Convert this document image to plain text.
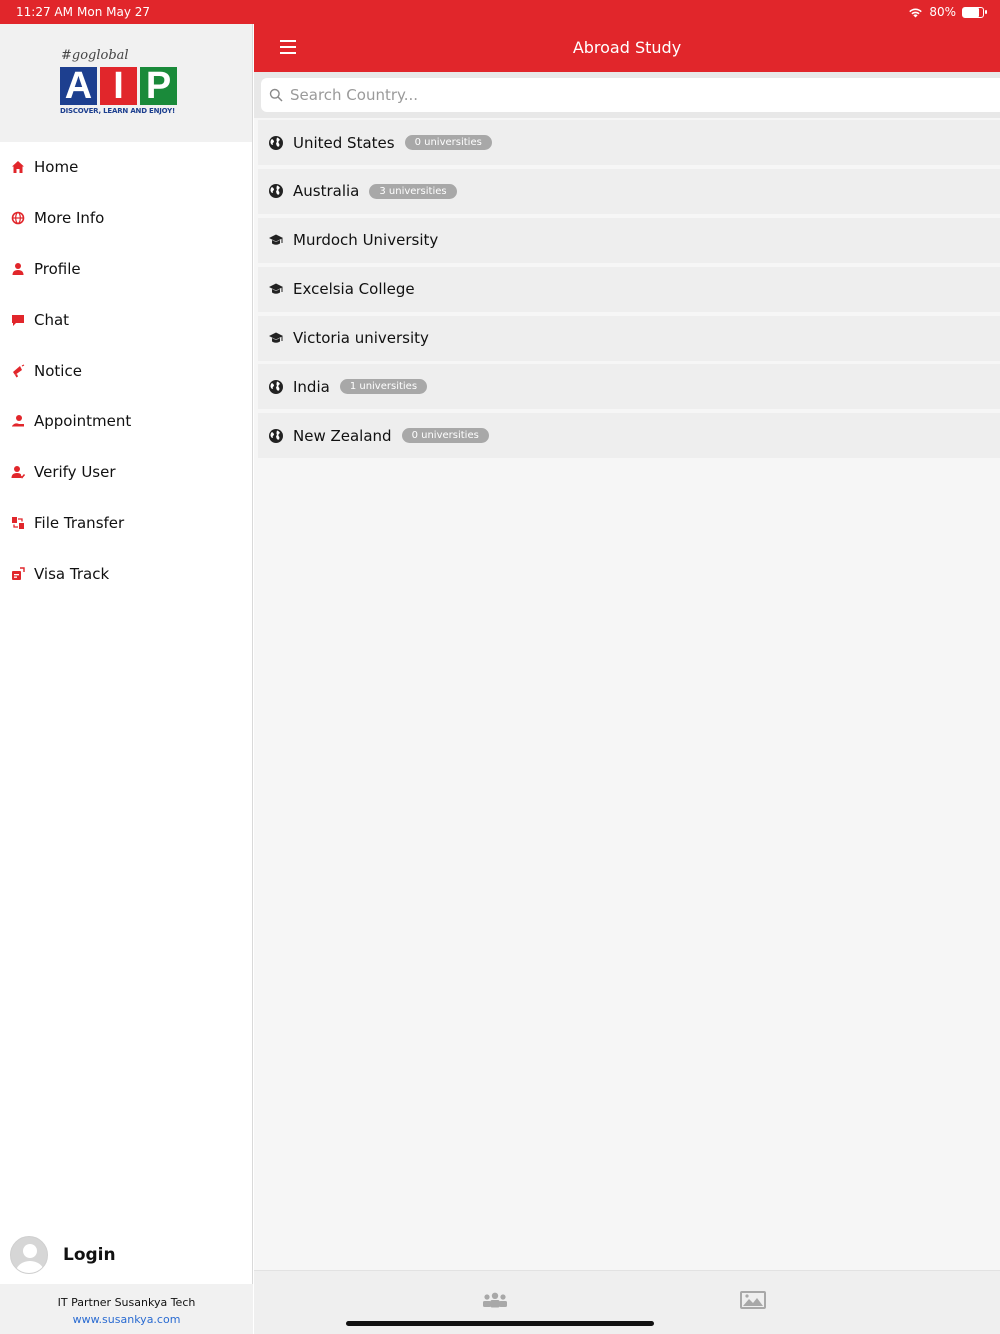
11:27 AM Mon May 27	80%
#goglobal
A I P
DISCOVER, LEARN AND ENJOY!
Home
More Info
Profile
Chat
Notice
Appointment
Verify User
File Transfer
Visa Track
Login
IT Partner Susankya Tech
www.susankya.com
Abroad Study
Search Country...
United States	0 universities
Australia	3 universities
Murdoch University
Excelsia College
Victoria university
India	1 universities
New Zealand	0 universities
